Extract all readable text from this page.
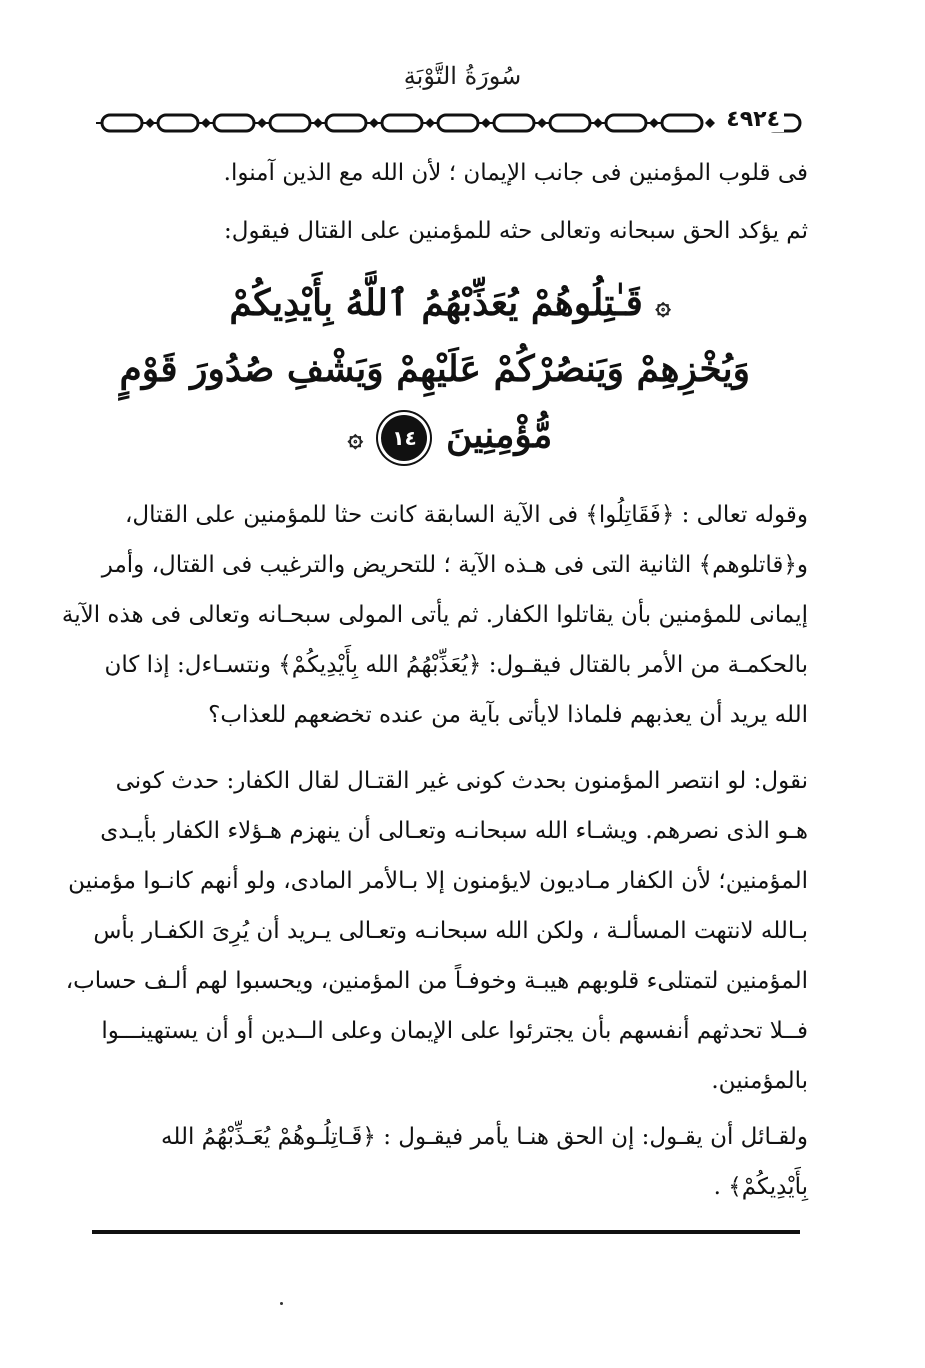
سُورَةُ التَّوْبَةِ
٤٩٢٤
فى قلوب المؤمنين فى جانب الإيمان ؛ لأن الله مع الذين آمنوا.
ثم يؤكد الحق سبحانه وتعالى حثه للمؤمنين على القتال فيقول:
۞ قَـٰتِلُوهُمْ يُعَذِّبْهُمُ ٱللَّهُ بِأَيْدِيكُمْ
وَيُخْزِهِمْ وَيَنصُرْكُمْ عَلَيْهِمْ وَيَشْفِ صُدُورَ قَوْمٍ
مُّؤْمِنِينَ ١٤ ۞
وقوله تعالى : ﴿فَقَاتِلُوا﴾ فى الآية السابقة كانت حثا للمؤمنين على القتال،
و﴿قاتلوهم﴾ الثانية التى فى هـذه الآية ؛ للتحريض والترغيب فى القتال، وأمر
إيمانى للمؤمنين بأن يقاتلوا الكفار. ثم يأتى المولى سبحـانه وتعالى فى هذه الآية
بالحكمـة من الأمر بالقتال فيقـول: ﴿يُعَذِّبْهُمُ الله بِأَيْدِيكُمْ﴾ ونتسـاءل: إذا كان
الله يريد أن يعذبهم فلماذا لايأتى بآية من عنده تخضعهم للعذاب؟
نقول: لو انتصر المؤمنون بحدث كونى غير القتـال لقال الكفار: حدث كونى
هـو الذى نصرهم. ويشـاء الله سبحانـه وتعـالى أن ينهزم هـؤلاء الكفار بأيـدى
المؤمنين؛ لأن الكفار مـاديون لايؤمنون إلا بـالأمر المادى، ولو أنهم كانـوا مؤمنين
بـالله لانتهت المسألـة ، ولكن الله سبحانـه وتعـالى يـريد أن يُرِىَ الكفـار بأس
المؤمنين لتمتلىء قلوبهم هيبـة وخوفـاً من المؤمنين، ويحسبوا لهم ألـف حساب،
فــلا تحدثهم أنفسهم بأن يجترئوا على الإيمان وعلى الــدين أو أن يستهينـــوا
بالمؤمنين.
ولقـائل أن يقـول: إن الحق هنـا يأمر فيقـول : ﴿قَـاتِلُـوهُمْ يُعَـذِّبْهُمُ الله
بِأَيْدِيكُمْ﴾ .
